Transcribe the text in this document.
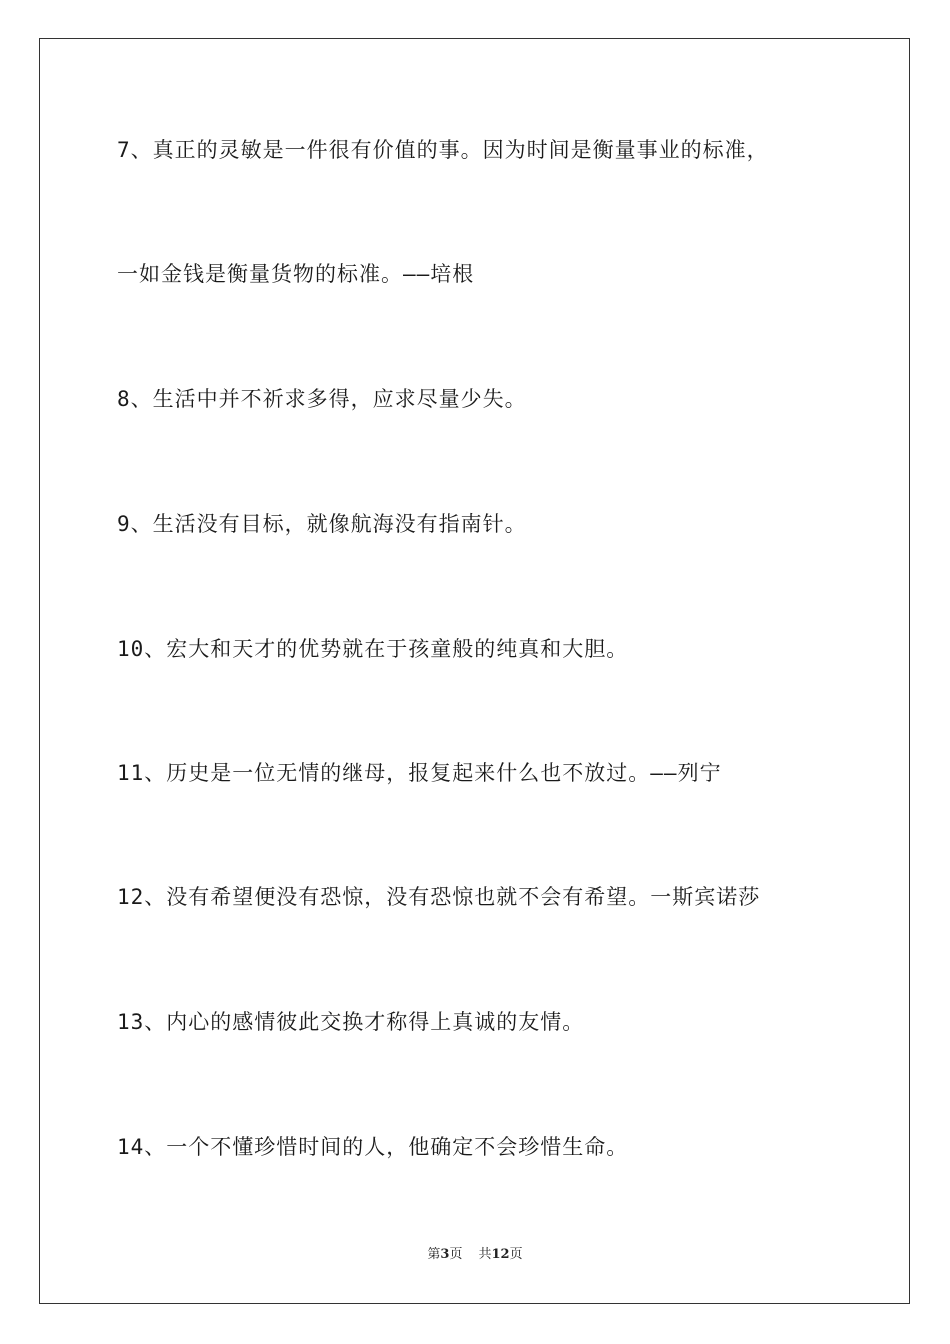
7、真正的灵敏是一件很有价值的事。因为时间是衡量事业的标准，
一如金钱是衡量货物的标准。——培根
8、生活中并不祈求多得，应求尽量少失。
9、生活没有目标，就像航海没有指南针。
10、宏大和天才的优势就在于孩童般的纯真和大胆。
11、历史是一位无情的继母，报复起来什么也不放过。——列宁
12、没有希望便没有恐惊，没有恐惊也就不会有希望。一斯宾诺莎
13、内心的感情彼此交换才称得上真诚的友情。
14、一个不懂珍惜时间的人，他确定不会珍惜生命。
第3页 共12页
